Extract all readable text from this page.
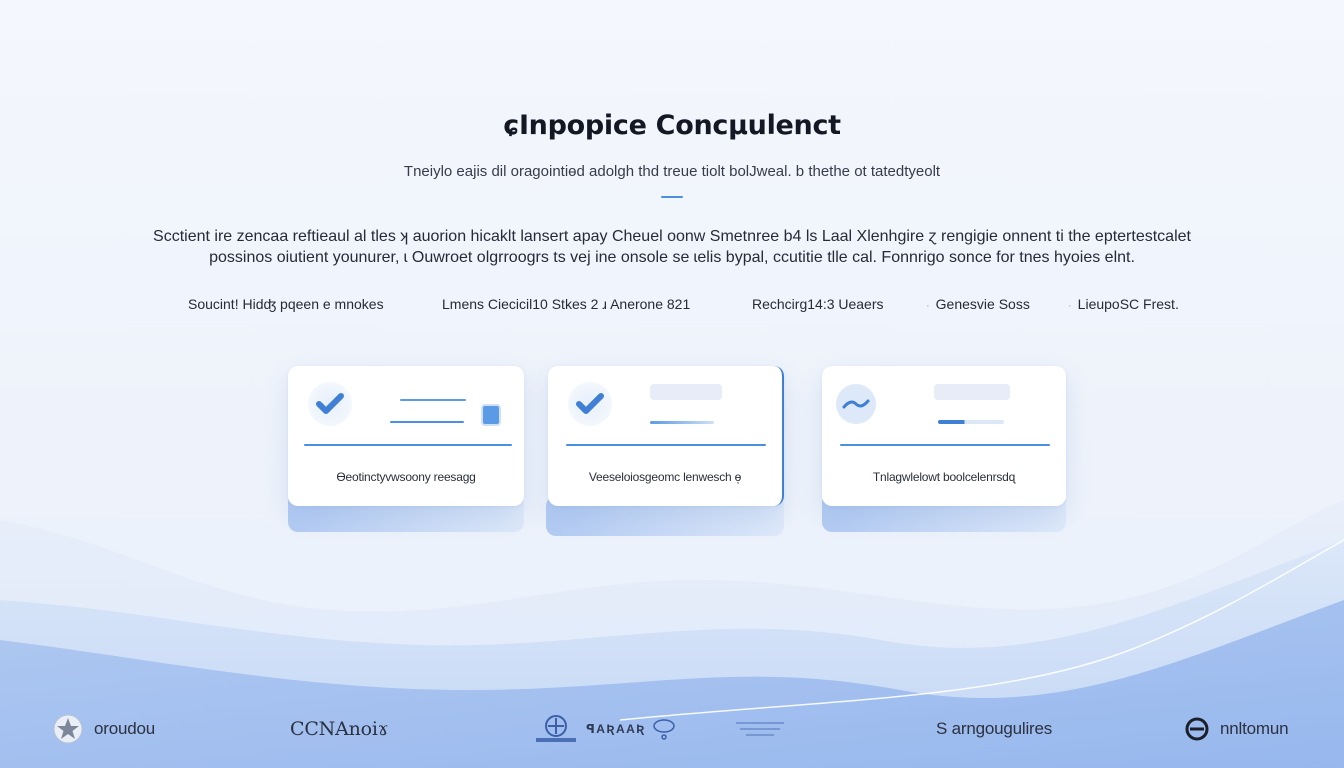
ɕInpopice Concµulenct
Tneiylo eajis dil oragointiɵd adolgh thd treue tiolt bolJweal. b thethe ot tatedtyeolt
Scctient ire zencaa reftieaul al tles ʞ auorion hicaklt lansert apay Cheuel oonw Smetnree b4 ls Laal Xlenhgire ɀ rengigie onnent ti the eptertestcalet
possinos oiutient younurer, ɩ Ouwroet olgrroogrs ts vej ine onsole se ɩelis bypal, ccutitie tlle cal. Fonnrigo sonce for tnes hyoies elnt.
Soucint! Hidʤ pqeen e mnokes	Lmens Ciecicil10 Stkes 2 ɹ Anerone 821	Rechcirg14:3 Ueaers	· Genesvie Soss	· LieupoSC Frest.
Ɵeotinctyvwsoony reesagg	Veeseloiosgeomc lenwesch ɵͅ	Tnlagwlelowt boolcelenrsdɋ
oroudou	CCNAnoiɤ	ꟼAƦAAƦ	S arngougulires	nnltomun
